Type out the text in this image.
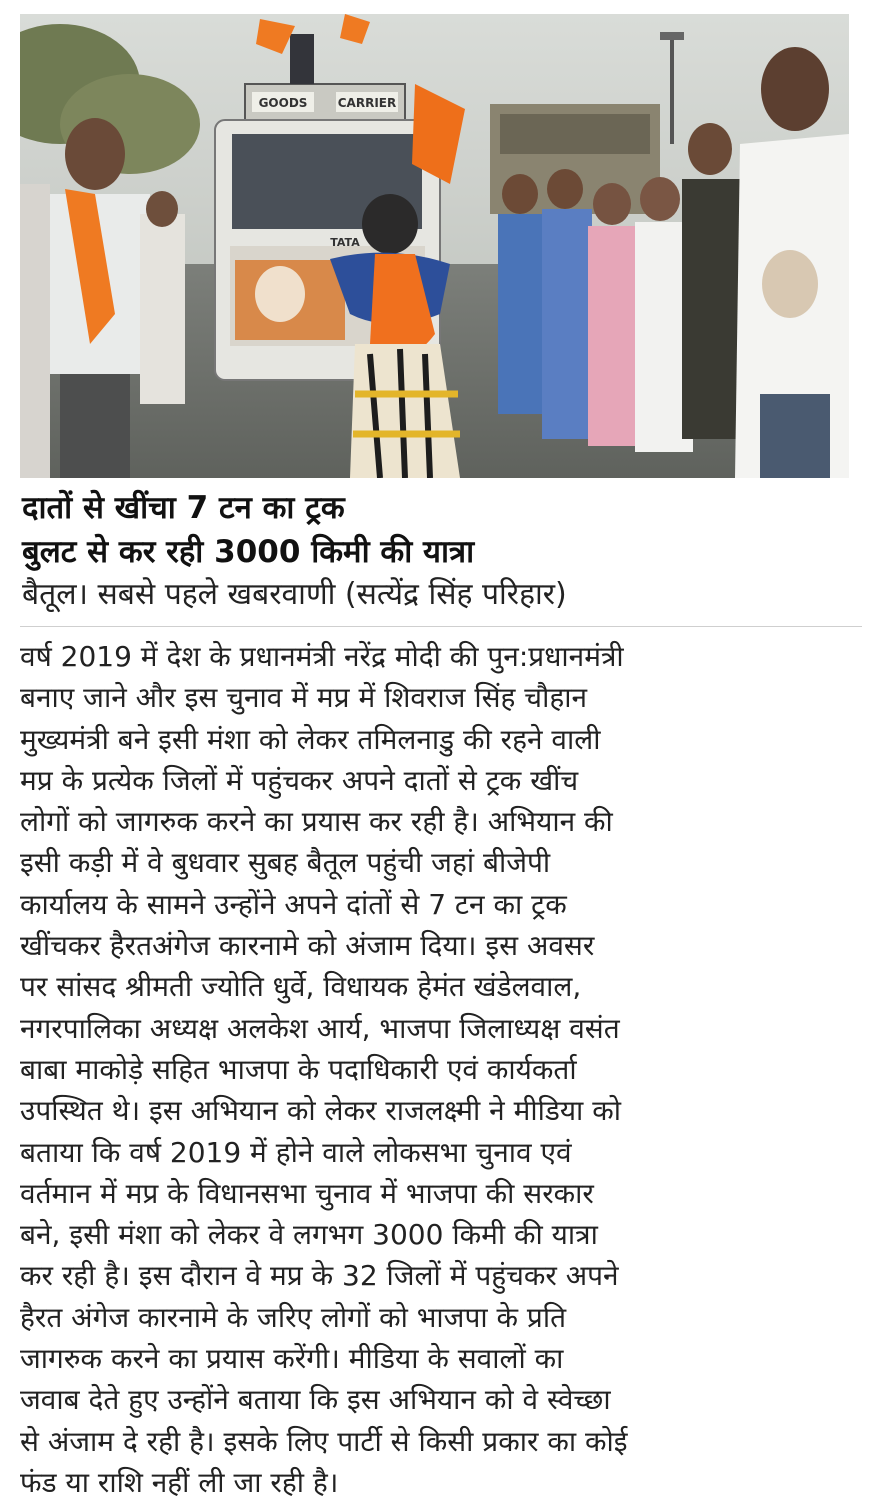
GOODS	CARRIER
TATA
दातों से खींचा 7 टन का ट्रक
बुलट से कर रही 3000 किमी की यात्रा
बैतूल। सबसे पहले खबरवाणी (सत्येंद्र सिंह परिहार)
वर्ष 2019 में देश के प्रधानमंत्री नरेंद्र मोदी की पुन:प्रधानमंत्री
बनाए जाने और इस चुनाव में मप्र में शिवराज सिंह चौहान
मुख्यमंत्री बने इसी मंशा को लेकर तमिलनाडु की रहने वाली
मप्र के प्रत्येक जिलों में पहुंचकर अपने दातों से ट्रक खींच
लोगों को जागरुक करने का प्रयास कर रही है। अभियान की
इसी कड़ी में वे बुधवार सुबह बैतूल पहुंची जहां बीजेपी
कार्यालय के सामने उन्होंने अपने दांतों से 7 टन का ट्रक
खींचकर हैरतअंगेज कारनामे को अंजाम दिया। इस अवसर
पर सांसद श्रीमती ज्योति धुर्वे, विधायक हेमंत खंडेलवाल,
नगरपालिका अध्यक्ष अलकेश आर्य, भाजपा जिलाध्यक्ष वसंत
बाबा माकोड़े सहित भाजपा के पदाधिकारी एवं कार्यकर्ता
उपस्थित थे। इस अभियान को लेकर राजलक्ष्मी ने मीडिया को
बताया कि वर्ष 2019 में होने वाले लोकसभा चुनाव एवं
वर्तमान में मप्र के विधानसभा चुनाव में भाजपा की सरकार
बने, इसी मंशा को लेकर वे लगभग 3000 किमी की यात्रा
कर रही है। इस दौरान वे मप्र के 32 जिलों में पहुंचकर अपने
हैरत अंगेज कारनामे के जरिए लोगों को भाजपा के प्रति
जागरुक करने का प्रयास करेंगी। मीडिया के सवालों का
जवाब देते हुए उन्होंने बताया कि इस अभियान को वे स्वेच्छा
से अंजाम दे रही है। इसके लिए पार्टी से किसी प्रकार का कोई
फंड या राशि नहीं ली जा रही है।
